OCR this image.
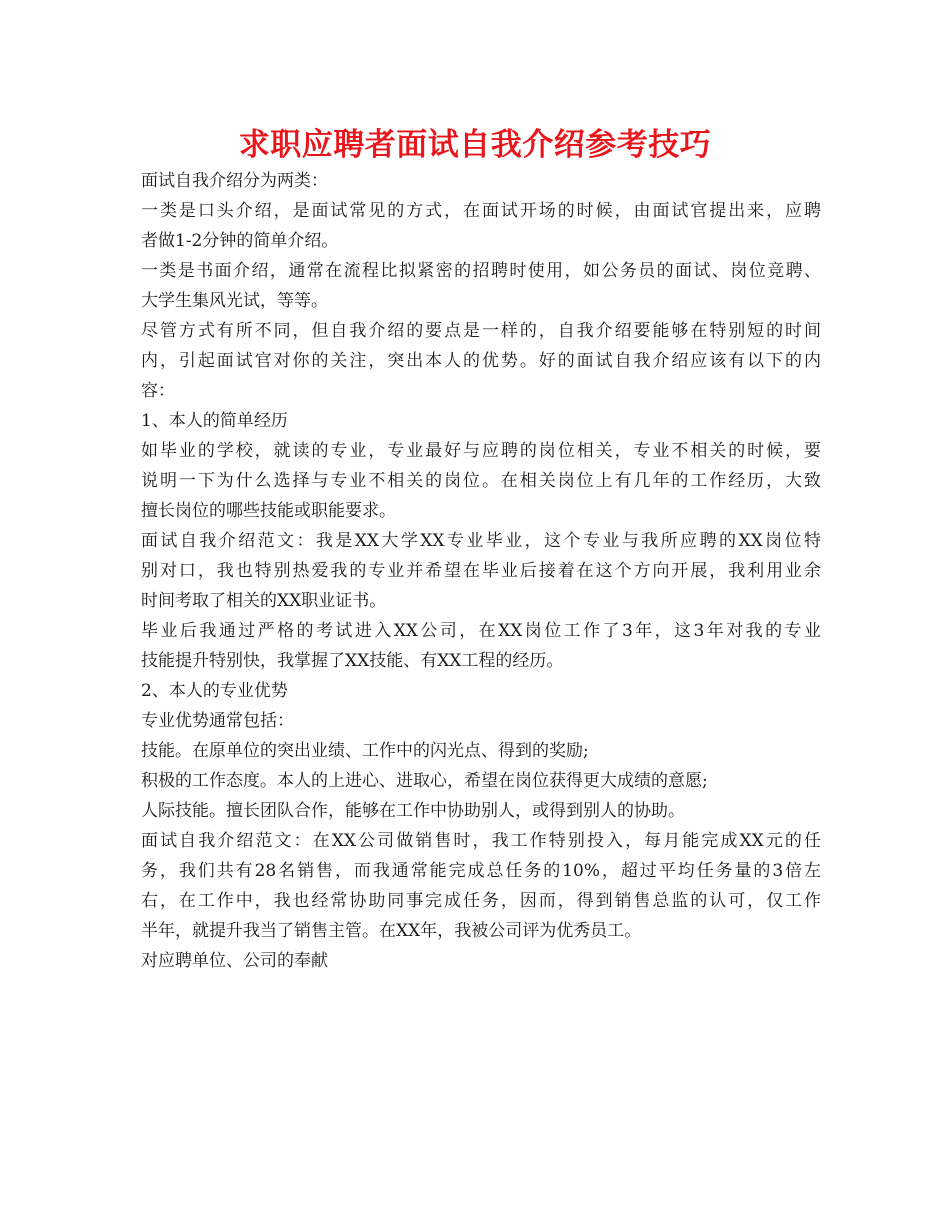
求职应聘者面试自我介绍参考技巧

面试自我介绍分为两类：

一类是口头介绍，是面试常见的方式，在面试开场的时候，由面试官提出来，应聘

者做1-2分钟的简单介绍。

一类是书面介绍，通常在流程比拟紧密的招聘时使用，如公务员的面试、岗位竞聘、

大学生集风光试，等等。

尽管方式有所不同，但自我介绍的要点是一样的，自我介绍要能够在特别短的时间

内，引起面试官对你的关注，突出本人的优势。好的面试自我介绍应该有以下的内

容：

1、本人的简单经历

如毕业的学校，就读的专业，专业最好与应聘的岗位相关，专业不相关的时候，要

说明一下为什么选择与专业不相关的岗位。在相关岗位上有几年的工作经历，大致

擅长岗位的哪些技能或职能要求。

面试自我介绍范文：我是XX大学XX专业毕业，这个专业与我所应聘的XX岗位特

别对口，我也特别热爱我的专业并希望在毕业后接着在这个方向开展，我利用业余

时间考取了相关的XX职业证书。

毕业后我通过严格的考试进入XX公司，在XX岗位工作了3年，这3年对我的专业

技能提升特别快，我掌握了XX技能、有XX工程的经历。

2、本人的专业优势

专业优势通常包括：

技能。在原单位的突出业绩、工作中的闪光点、得到的奖励;

积极的工作态度。本人的上进心、进取心，希望在岗位获得更大成绩的意愿;

人际技能。擅长团队合作，能够在工作中协助别人，或得到别人的协助。

面试自我介绍范文：在XX公司做销售时，我工作特别投入，每月能完成XX元的任

务，我们共有28名销售，而我通常能完成总任务的10%，超过平均任务量的3倍左

右，在工作中，我也经常协助同事完成任务，因而，得到销售总监的认可，仅工作

半年，就提升我当了销售主管。在XX年，我被公司评为优秀员工。

对应聘单位、公司的奉献
